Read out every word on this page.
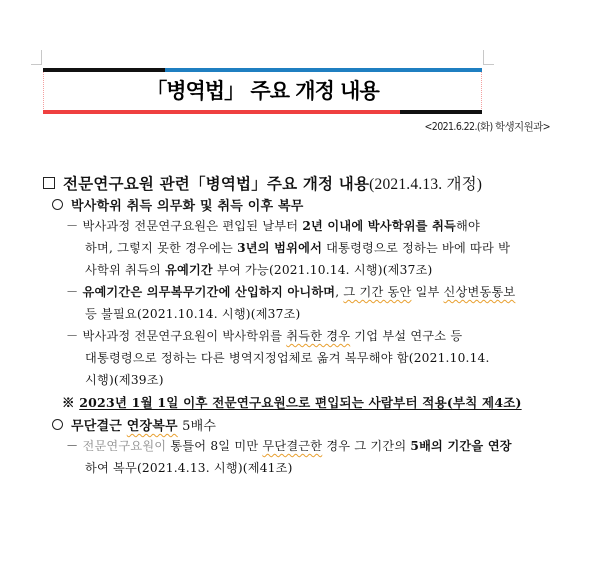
「병역법」 주요 개정 내용
<2021.6.22.(화) 학생지원과>
전문연구요원 관련「병역법」주요 개정 내용(2021.4.13. 개정)
박사학위 취득 의무화 및 취득 이후 복무
－ 박사과정 전문연구요원은 편입된 날부터 2년 이내에 박사학위를 취득해야
하며, 그렇지 못한 경우에는 3년의 범위에서 대통령령으로 정하는 바에 따라 박
사학위 취득의 유예기간 부여 가능(2021.10.14. 시행)(제37조)
－ 유예기간은 의무복무기간에 산입하지 아니하며, 그 기간 동안 일부 신상변동통보
등 불필요(2021.10.14. 시행)(제37조)
－ 박사과정 전문연구요원이 박사학위를 취득한 경우 기업 부설 연구소 등
대통령령으로 정하는 다른 병역지정업체로 옮겨 복무해야 함(2021.10.14.
시행)(제39조)
※ 2023년 1월 1일 이후 전문연구요원으로 편입되는 사람부터 적용(부칙 제4조)
무단결근 연장복무 5배수
－ 전문연구요원이 통틀어 8일 미만 무단결근한 경우 그 기간의 5배의 기간을 연장
하여 복무(2021.4.13. 시행)(제41조)
